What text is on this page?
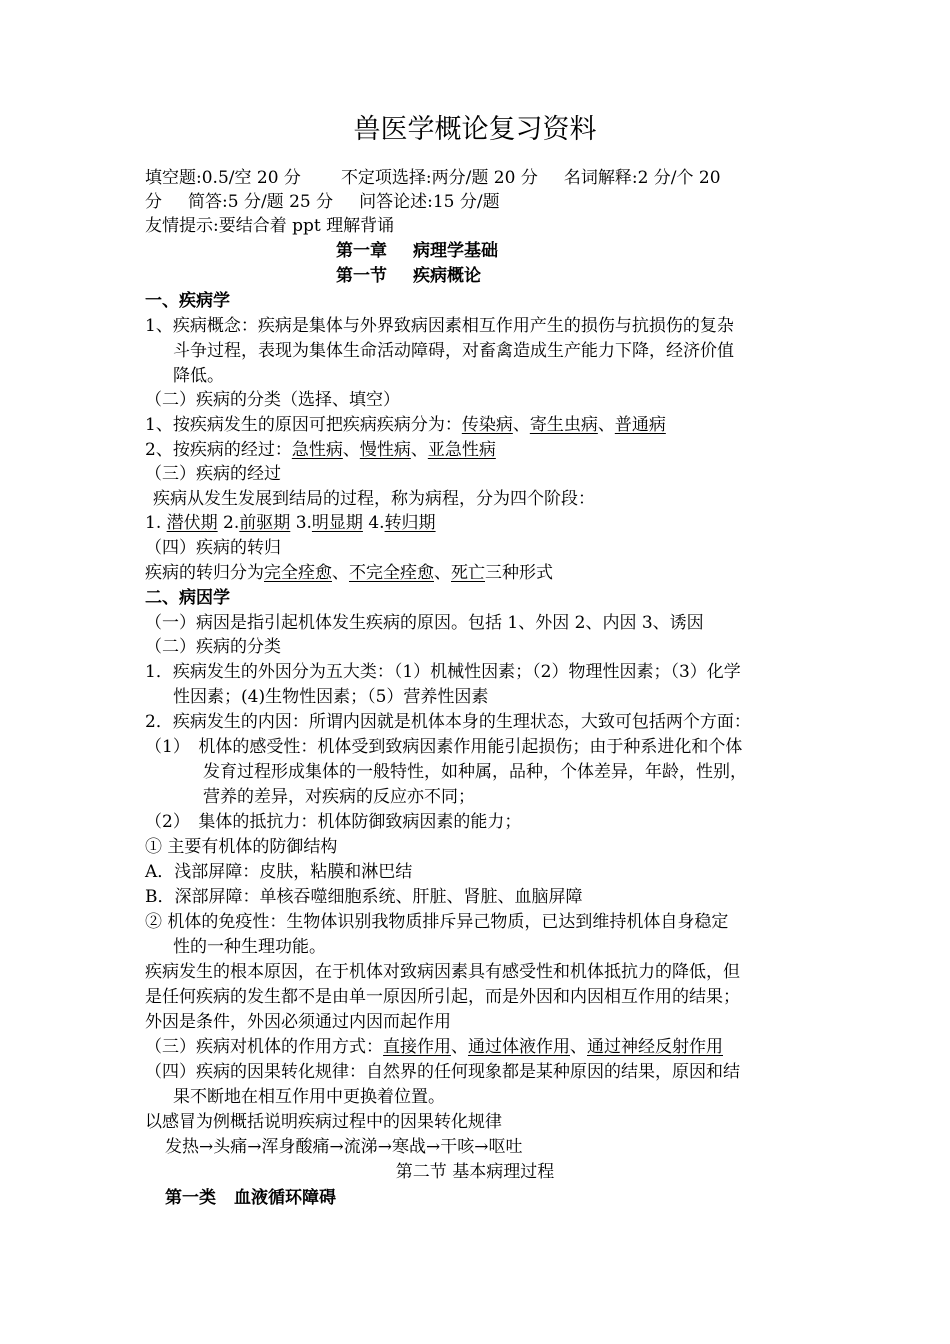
兽医学概论复习资料
填空题:0.5/空 20 分 不定项选择:两分/题 20 分 名词解释:2 分/个 20
分 简答:5 分/题 25 分 问答论述:15 分/题
友情提示:要结合着 ppt 理解背诵
第一章 病理学基础
第一节 疾病概论
一、疾病学
1、疾病概念：疾病是集体与外界致病因素相互作用产生的损伤与抗损伤的复杂
斗争过程，表现为集体生命活动障碍，对畜禽造成生产能力下降，经济价值
降低。
（二）疾病的分类（选择、填空）
1、按疾病发生的原因可把疾病疾病分为：传染病、寄生虫病、普通病
2、按疾病的经过：急性病、慢性病、亚急性病
（三）疾病的经过
疾病从发生发展到结局的过程，称为病程，分为四个阶段：
1. 潜伏期 2.前驱期 3.明显期 4.转归期
（四）疾病的转归
疾病的转归分为完全痊愈、不完全痊愈、死亡三种形式
二、病因学
（一）病因是指引起机体发生疾病的原因。包括 1、外因 2、内因 3、诱因
（二）疾病的分类
1．疾病发生的外因分为五大类：（1）机械性因素；（2）物理性因素；（3）化学
性因素；(4)生物性因素；（5）营养性因素
2．疾病发生的内因：所谓内因就是机体本身的生理状态，大致可包括两个方面：
（1）　机体的感受性：机体受到致病因素作用能引起损伤；由于种系进化和个体
发育过程形成集体的一般特性，如种属，品种，个体差异，年龄，性别，
营养的差异，对疾病的反应亦不同；
（2）　集体的抵抗力：机体防御致病因素的能力；
① 主要有机体的防御结构
A．浅部屏障：皮肤，粘膜和淋巴结
B．深部屏障：单核吞噬细胞系统、肝脏、肾脏、血脑屏障
② 机体的免疫性：生物体识别我物质排斥异己物质，已达到维持机体自身稳定
性的一种生理功能。
疾病发生的根本原因，在于机体对致病因素具有感受性和机体抵抗力的降低，但
是任何疾病的发生都不是由单一原因所引起，而是外因和内因相互作用的结果；
外因是条件，外因必须通过内因而起作用
（三）疾病对机体的作用方式：直接作用、通过体液作用、通过神经反射作用
（四）疾病的因果转化规律：自然界的任何现象都是某种原因的结果，原因和结
果不断地在相互作用中更换着位置。
以感冒为例概括说明疾病过程中的因果转化规律
发热→头痛→浑身酸痛→流涕→寒战→干咳→呕吐
第二节 基本病理过程
第一类 血液循环障碍
